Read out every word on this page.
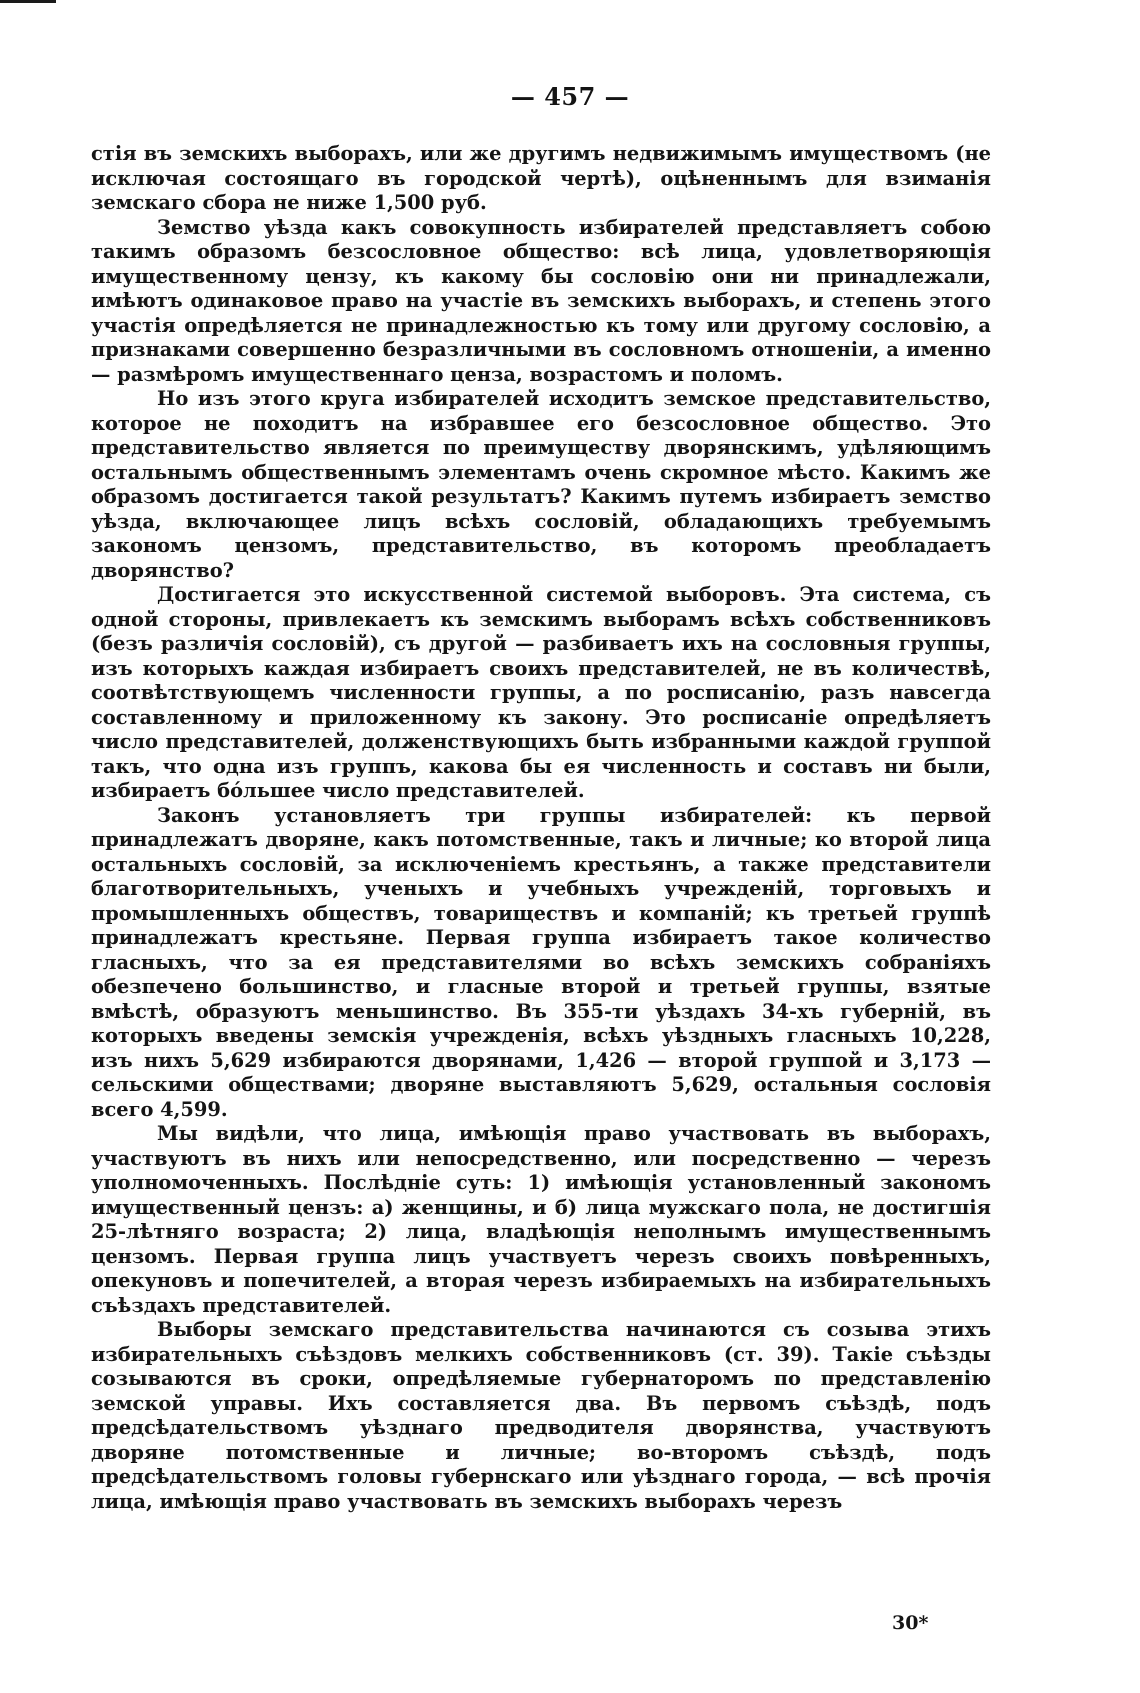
— 457 —

стія въ земскихъ выборахъ, или же другимъ недвижимымъ имуществомъ (не исключая состоящаго въ городской чертѣ), оцѣненнымъ для взиманія земскаго сбора не ниже 1,500 руб.

Земство уѣзда какъ совокупность избирателей представляетъ собою такимъ образомъ безсословное общество: всѣ лица, удовлетворяющія имущественному цензу, къ какому бы сословію они ни принадлежали, имѣютъ одинаковое право на участіе въ земскихъ выборахъ, и степень этого участія опредѣляется не принадлежностью къ тому или другому сословію, а признаками совершенно безразличными въ сословномъ отношеніи, а именно — размѣромъ имущественнаго ценза, возрастомъ и поломъ.

Но изъ этого круга избирателей исходитъ земское представительство, которое не походитъ на избравшее его безсословное общество. Это представительство является по преимуществу дворянскимъ, удѣляющимъ остальнымъ общественнымъ элементамъ очень скромное мѣсто. Какимъ же образомъ достигается такой результатъ? Какимъ путемъ избираетъ земство уѣзда, включающее лицъ всѣхъ сословій, обладающихъ требуемымъ закономъ цензомъ, представительство, въ которомъ преобладаетъ дворянство?

Достигается это искусственной системой выборовъ. Эта система, съ одной стороны, привлекаетъ къ земскимъ выборамъ всѣхъ собственниковъ (безъ различія сословій), съ другой — разбиваетъ ихъ на сословныя группы, изъ которыхъ каждая избираетъ своихъ представителей, не въ количествѣ, соотвѣтствующемъ численности группы, а по росписанію, разъ навсегда составленному и приложенному къ закону. Это росписаніе опредѣляетъ число представителей, долженствующихъ быть избранными каждой группой такъ, что одна изъ группъ, какова бы ея численность и составъ ни были, избираетъ бóльшее число представителей.

Законъ установляетъ три группы избирателей: къ первой принадлежатъ дворяне, какъ потомственные, такъ и личные; ко второй лица остальныхъ сословій, за исключеніемъ крестьянъ, а также представители благотворительныхъ, ученыхъ и учебныхъ учрежденій, торговыхъ и промышленныхъ обществъ, товариществъ и компаній; къ третьей группѣ принадлежатъ крестьяне. Первая группа избираетъ такое количество гласныхъ, что за ея представителями во всѣхъ земскихъ собраніяхъ обезпечено большинство, и гласные второй и третьей группы, взятые вмѣстѣ, образуютъ меньшинство. Въ 355-ти уѣздахъ 34-хъ губерній, въ которыхъ введены земскія учрежденія, всѣхъ уѣздныхъ гласныхъ 10,228, изъ нихъ 5,629 избираются дворянами, 1,426 — второй группой и 3,173 — сельскими обществами; дворяне выставляютъ 5,629, остальныя сословія всего 4,599.

Мы видѣли, что лица, имѣющія право участвовать въ выборахъ, участвуютъ въ нихъ или непосредственно, или посредственно — черезъ уполномоченныхъ. Послѣдніе суть: 1) имѣющія установленный закономъ имущественный цензъ: а) женщины, и б) лица мужскаго пола, не достигшія 25-лѣтняго возраста; 2) лица, владѣющія неполнымъ имущественнымъ цензомъ. Первая группа лицъ участвуетъ черезъ своихъ повѣренныхъ, опекуновъ и попечителей, а вторая черезъ избираемыхъ на избирательныхъ съѣздахъ представителей.

Выборы земскаго представительства начинаются съ созыва этихъ избирательныхъ съѣздовъ мелкихъ собственниковъ (ст. 39). Такіе съѣзды созываются въ сроки, опредѣляемые губернаторомъ по представленію земской управы. Ихъ составляется два. Въ первомъ съѣздѣ, подъ предсѣдательствомъ уѣзднаго предводителя дворянства, участвуютъ дворяне потомственные и личные; во-второмъ съѣздѣ, подъ предсѣдательствомъ головы губернскаго или уѣзднаго города, — всѣ прочія лица, имѣющія право участвовать въ земскихъ выборахъ черезъ

30*
